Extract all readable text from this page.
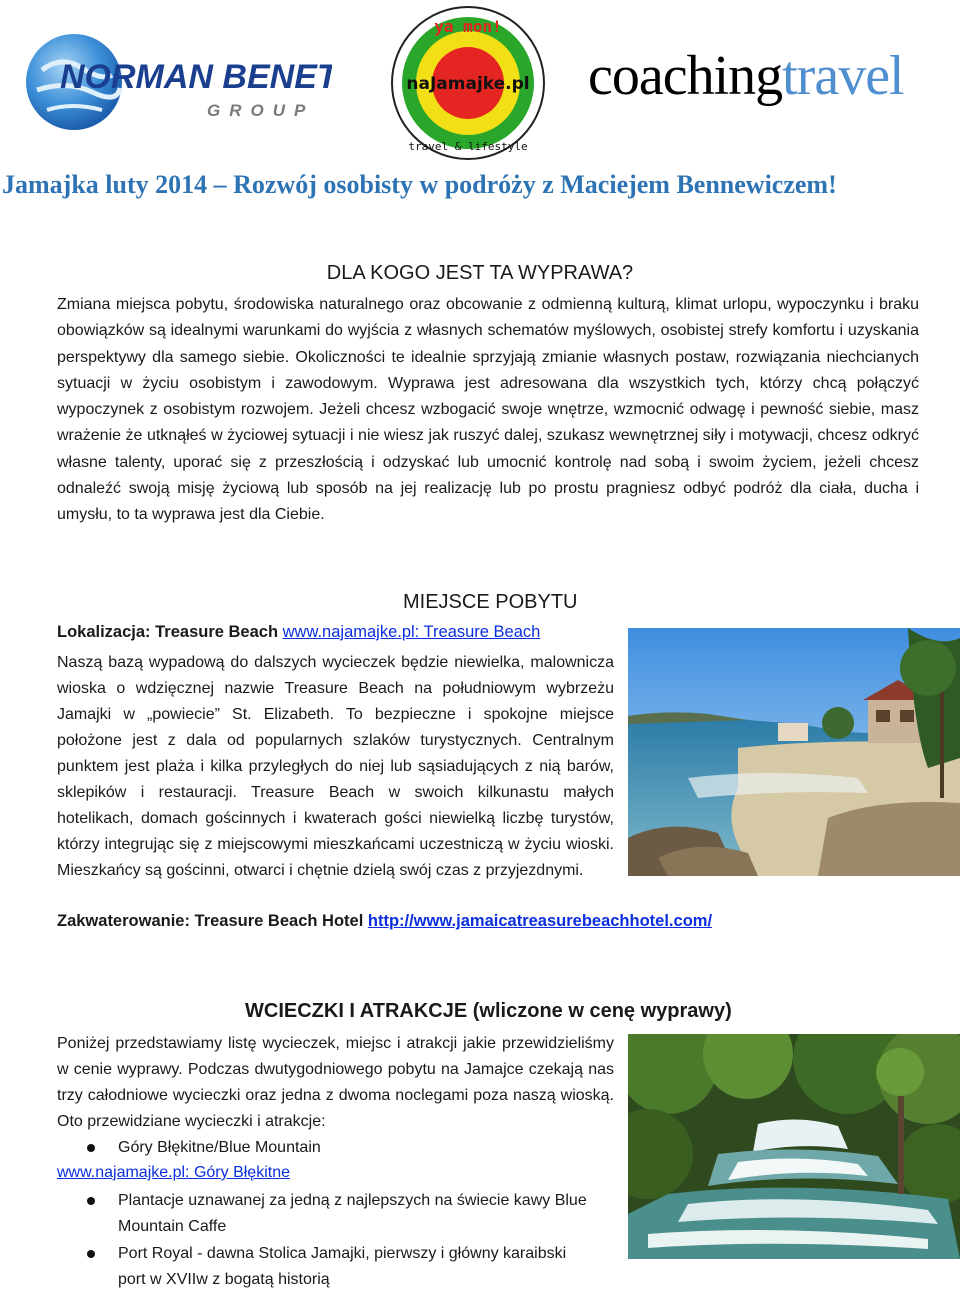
NORMAN BENETT
GROUP
ya mon!
naJamajke.pl
travel & lifestyle
coachingtravel
Jamajka luty 2014 – Rozwój osobisty w podróży z Maciejem Bennewiczem!
DLA KOGO JEST TA WYPRAWA?
Zmiana miejsca pobytu, środowiska naturalnego oraz obcowanie z odmienną kulturą, klimat urlopu, wypoczynku i braku obowiązków są idealnymi warunkami do wyjścia z własnych schematów myślowych, osobistej strefy komfortu i uzyskania perspektywy dla samego siebie. Okoliczności te idealnie sprzyjają zmianie własnych postaw, rozwiązania niechcianych sytuacji w życiu osobistym i zawodowym. Wyprawa jest adresowana dla wszystkich tych, którzy chcą połączyć wypoczynek z osobistym rozwojem. Jeżeli chcesz wzbogacić swoje wnętrze, wzmocnić odwagę i pewność siebie, masz wrażenie że utknąłeś w życiowej sytuacji i nie wiesz jak ruszyć dalej, szukasz wewnętrznej siły i motywacji, chcesz odkryć własne talenty, uporać się z przeszłością i odzyskać lub umocnić kontrolę nad sobą i swoim życiem, jeżeli chcesz odnaleźć swoją misję życiową lub sposób na jej realizację lub po prostu pragniesz odbyć podróż dla ciała, ducha i umysłu, to ta wyprawa jest dla Ciebie.
MIEJSCE POBYTU
Lokalizacja: Treasure Beach www.najamajke.pl: Treasure Beach
Naszą bazą wypadową do dalszych wycieczek będzie niewielka, malownicza wioska o wdzięcznej nazwie Treasure Beach na południowym wybrzeżu Jamajki w „powiecie” St. Elizabeth. To bezpieczne i spokojne miejsce położone jest z dala od popularnych szlaków turystycznych. Centralnym punktem jest plaża i kilka przyległych do niej lub sąsiadujących z nią barów, sklepików i restauracji. Treasure Beach w swoich kilkunastu małych hotelikach, domach gościnnych i kwaterach gości niewielką liczbę turystów, którzy integrując się z miejscowymi mieszkańcami uczestniczą w życiu wioski. Mieszkańcy są gościnni, otwarci i chętnie dzielą swój czas z przyjezdnymi.
Zakwaterowanie: Treasure Beach Hotel http://www.jamaicatreasurebeachhotel.com/
WCIECZKI I ATRAKCJE (wliczone w cenę wyprawy)
Poniżej przedstawiamy listę wycieczek, miejsc i atrakcji jakie przewidzieliśmy w cenie wyprawy. Podczas dwutygodniowego pobytu na Jamajce czekają nas trzy całodniowe wycieczki oraz jedna z dwoma noclegami poza naszą wioską. Oto przewidziane wycieczki i atrakcje:
Góry Błękitne/Blue Mountain
www.najamajke.pl: Góry Błękitne
Plantacje uznawanej za jedną z najlepszych na świecie kawy Blue
Mountain Caffe
Port Royal - dawna Stolica Jamajki, pierwszy i główny karaibski
port w XVIIw z bogatą historią
